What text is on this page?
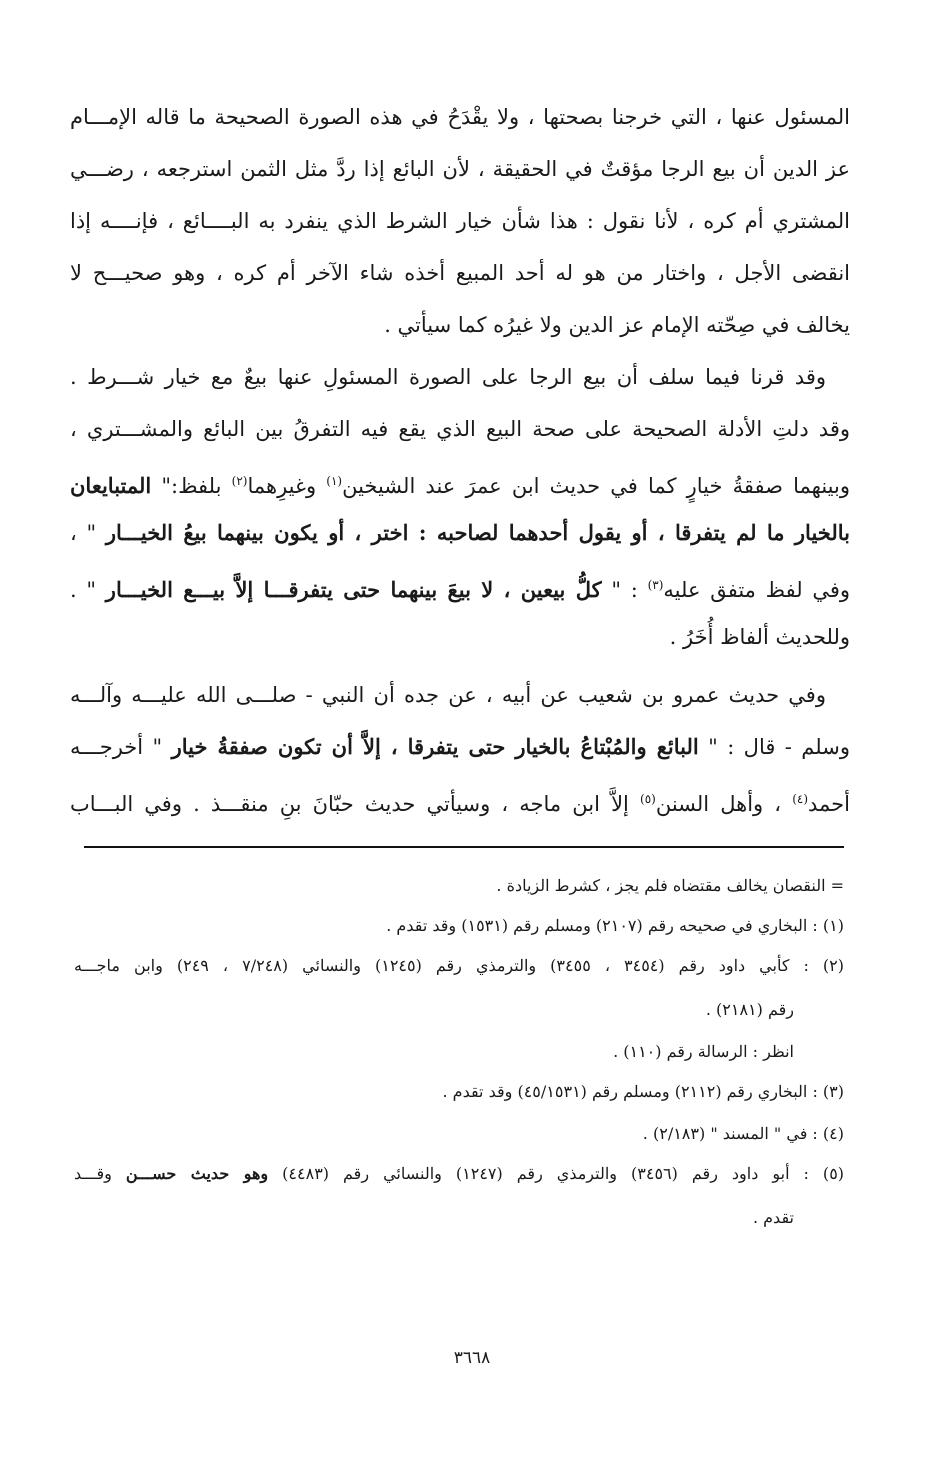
المسئول عنها ، التي خرجنا بصحتها ، ولا يقْدَحُ في هذه الصورة الصحيحة ما قاله الإمـــام
عز الدين أن بيع الرجا مؤقتٌ في الحقيقة ، لأن البائع إذا ردَّ مثل الثمن استرجعه ، رضـــي
المشتري أم كره ، لأنا نقول : هذا شأن خيار الشرط الذي ينفرد به البــــائع ، فإنــــه إذا
انقضى الأجل ، واختار من هو له أحد المبيع أخذه شاء الآخر أم كره ، وهو صحيـــح لا
يخالف في صِحّته الإمام عز الدين ولا غيرُه كما سيأتي .
وقد قرنا فيما سلف أن بيع الرجا على الصورة المسئولِ عنها بيعٌ مع خيار شـــرط .
وقد دلتِ الأدلة الصحيحة على صحة البيع الذي يقع فيه التفرقُ بين البائع والمشـــتري ،
وبينهما صفقةُ خيارٍ كما في حديث ابن عمرَ عند الشيخين$^{(١)}$ وغيرِهما$^{(٢)}$ بلفظ:" المتبايعان
بالخيار ما لم يتفرقا ، أو يقول أحدهما لصاحبه : اختر ، أو يكون بينهما بيعُ الخيـــار " ،
وفي لفظ متفق عليه$^{(٣)}$ : " كلُّ بيعين ، لا بيعَ بينهما حتى يتفرقـــا إلاَّ بيـــع الخيـــار " .
وللحديث ألفاظ أُخَرُ .
وفي حديث عمرو بن شعيب عن أبيه ، عن جده أن النبي - صلـــى الله عليـــه وآلـــه
وسلم - قال : " البائع والمُبْتاعُ بالخيار حتى يتفرقا ، إلاَّ أن تكون صفقةُ خيار " أخرجـــه
أحمد$^{(٤)}$ ، وأهل السنن$^{(٥)}$ إلاَّ ابن ماجه ، وسيأتي حديث حبّانَ بنِ منقـــذ . وفي البـــاب
= النقصان يخالف مقتضاه فلم يجز ، كشرط الزيادة .
(١) : البخاري في صحيحه رقم (٢١٠٧) ومسلم رقم (١٥٣١) وقد تقدم .
(٢) : كأبي داود رقم (٣٤٥٤ ، ٣٤٥٥) والترمذي رقم (١٢٤٥) والنسائي (٧/٢٤٨ ، ٢٤٩) وابن ماجـــه
رقم (٢١٨١) .
انظر : الرسالة رقم (١١٠) .
(٣) : البخاري رقم (٢١١٢) ومسلم رقم (٤٥/١٥٣١) وقد تقدم .
(٤) : في " المسند " (٢/١٨٣) .
(٥) : أبو داود رقم (٣٤٥٦) والترمذي رقم (١٢٤٧) والنسائي رقم (٤٤٨٣) وهو حديث حســـن وقـــد
تقدم .
٣٦٦٨
